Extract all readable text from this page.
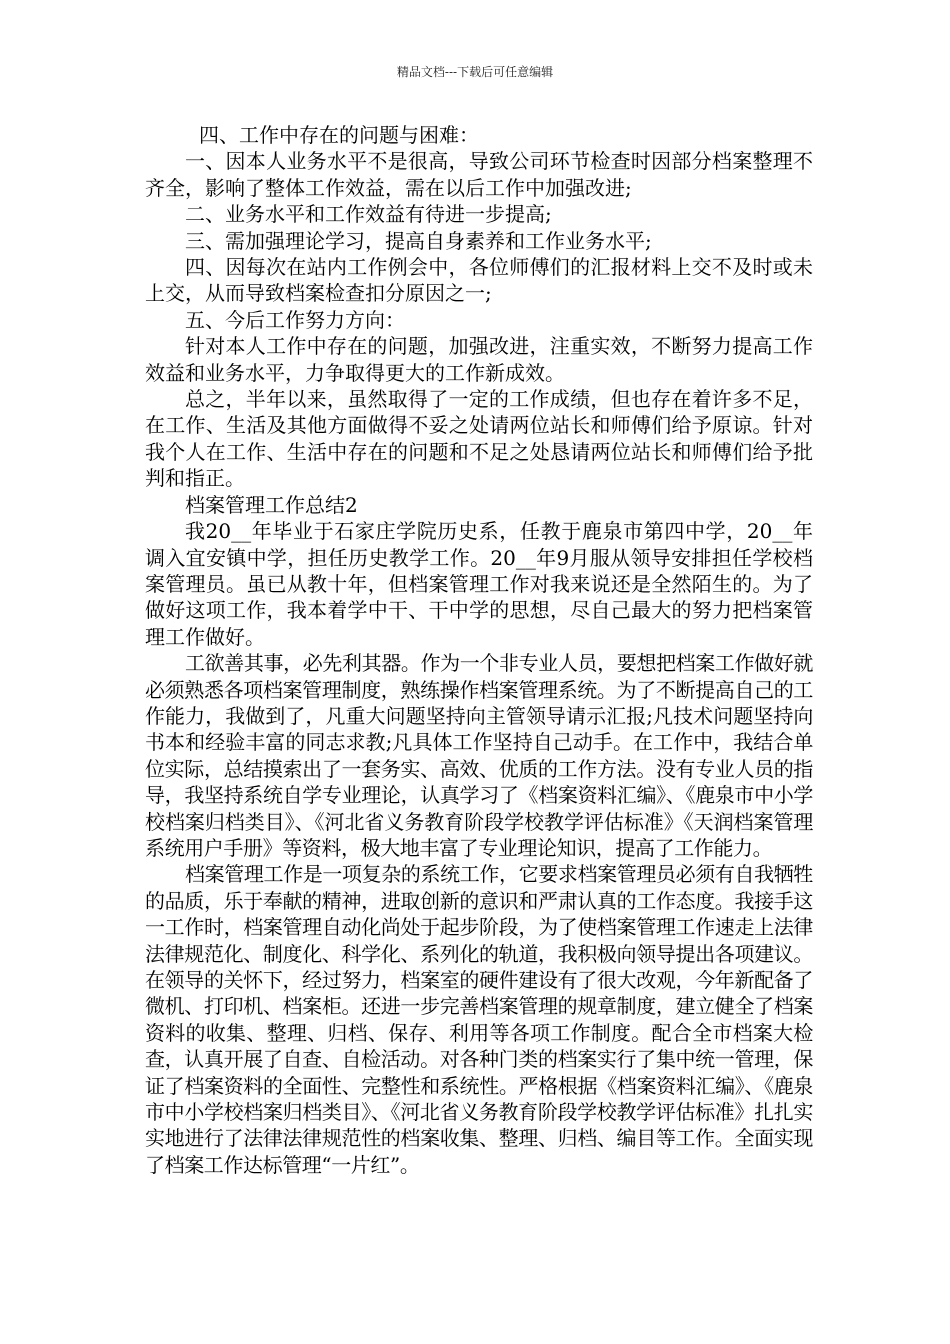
精品文档---下载后可任意编辑

四、工作中存在的问题与困难：

一、因本人业务水平不是很高，导致公司环节检查时因部分档案整理不齐全，影响了整体工作效益，需在以后工作中加强改进;

二、业务水平和工作效益有待进一步提高;

三、需加强理论学习，提高自身素养和工作业务水平;

四、因每次在站内工作例会中，各位师傅们的汇报材料上交不及时或未上交，从而导致档案检查扣分原因之一;

五、今后工作努力方向：

针对本人工作中存在的问题，加强改进，注重实效，不断努力提高工作效益和业务水平，力争取得更大的工作新成效。

总之，半年以来，虽然取得了一定的工作成绩，但也存在着许多不足，在工作、生活及其他方面做得不妥之处请两位站长和师傅们给予原谅。针对我个人在工作、生活中存在的问题和不足之处恳请两位站长和师傅们给予批判和指正。

档案管理工作总结2

我20__年毕业于石家庄学院历史系，任教于鹿泉市第四中学，20__年调入宜安镇中学，担任历史教学工作。20__年9月服从领导安排担任学校档案管理员。虽已从教十年，但档案管理工作对我来说还是全然陌生的。为了做好这项工作，我本着学中干、干中学的思想，尽自己最大的努力把档案管理工作做好。

工欲善其事，必先利其器。作为一个非专业人员，要想把档案工作做好就必须熟悉各项档案管理制度，熟练操作档案管理系统。为了不断提高自己的工作能力，我做到了，凡重大问题坚持向主管领导请示汇报;凡技术问题坚持向书本和经验丰富的同志求教;凡具体工作坚持自己动手。在工作中，我结合单位实际，总结摸索出了一套务实、高效、优质的工作方法。没有专业人员的指导，我坚持系统自学专业理论，认真学习了《档案资料汇编》、《鹿泉市中小学校档案归档类目》、《河北省义务教育阶段学校教学评估标准》《天润档案管理系统用户手册》等资料，极大地丰富了专业理论知识，提高了工作能力。

档案管理工作是一项复杂的系统工作，它要求档案管理员必须有自我牺牲的品质，乐于奉献的精神，进取创新的意识和严肃认真的工作态度。我接手这一工作时，档案管理自动化尚处于起步阶段，为了使档案管理工作速走上法律法律规范化、制度化、科学化、系列化的轨道，我积极向领导提出各项建议。在领导的关怀下，经过努力，档案室的硬件建设有了很大改观，今年新配备了微机、打印机、档案柜。还进一步完善档案管理的规章制度，建立健全了档案资料的收集、整理、归档、保存、利用等各项工作制度。配合全市档案大检查，认真开展了自查、自检活动。对各种门类的档案实行了集中统一管理，保证了档案资料的全面性、完整性和系统性。严格根据《档案资料汇编》、《鹿泉市中小学校档案归档类目》、《河北省义务教育阶段学校教学评估标准》扎扎实实地进行了法律法律规范性的档案收集、整理、归档、编目等工作。全面实现了档案工作达标管理“一片红”。
